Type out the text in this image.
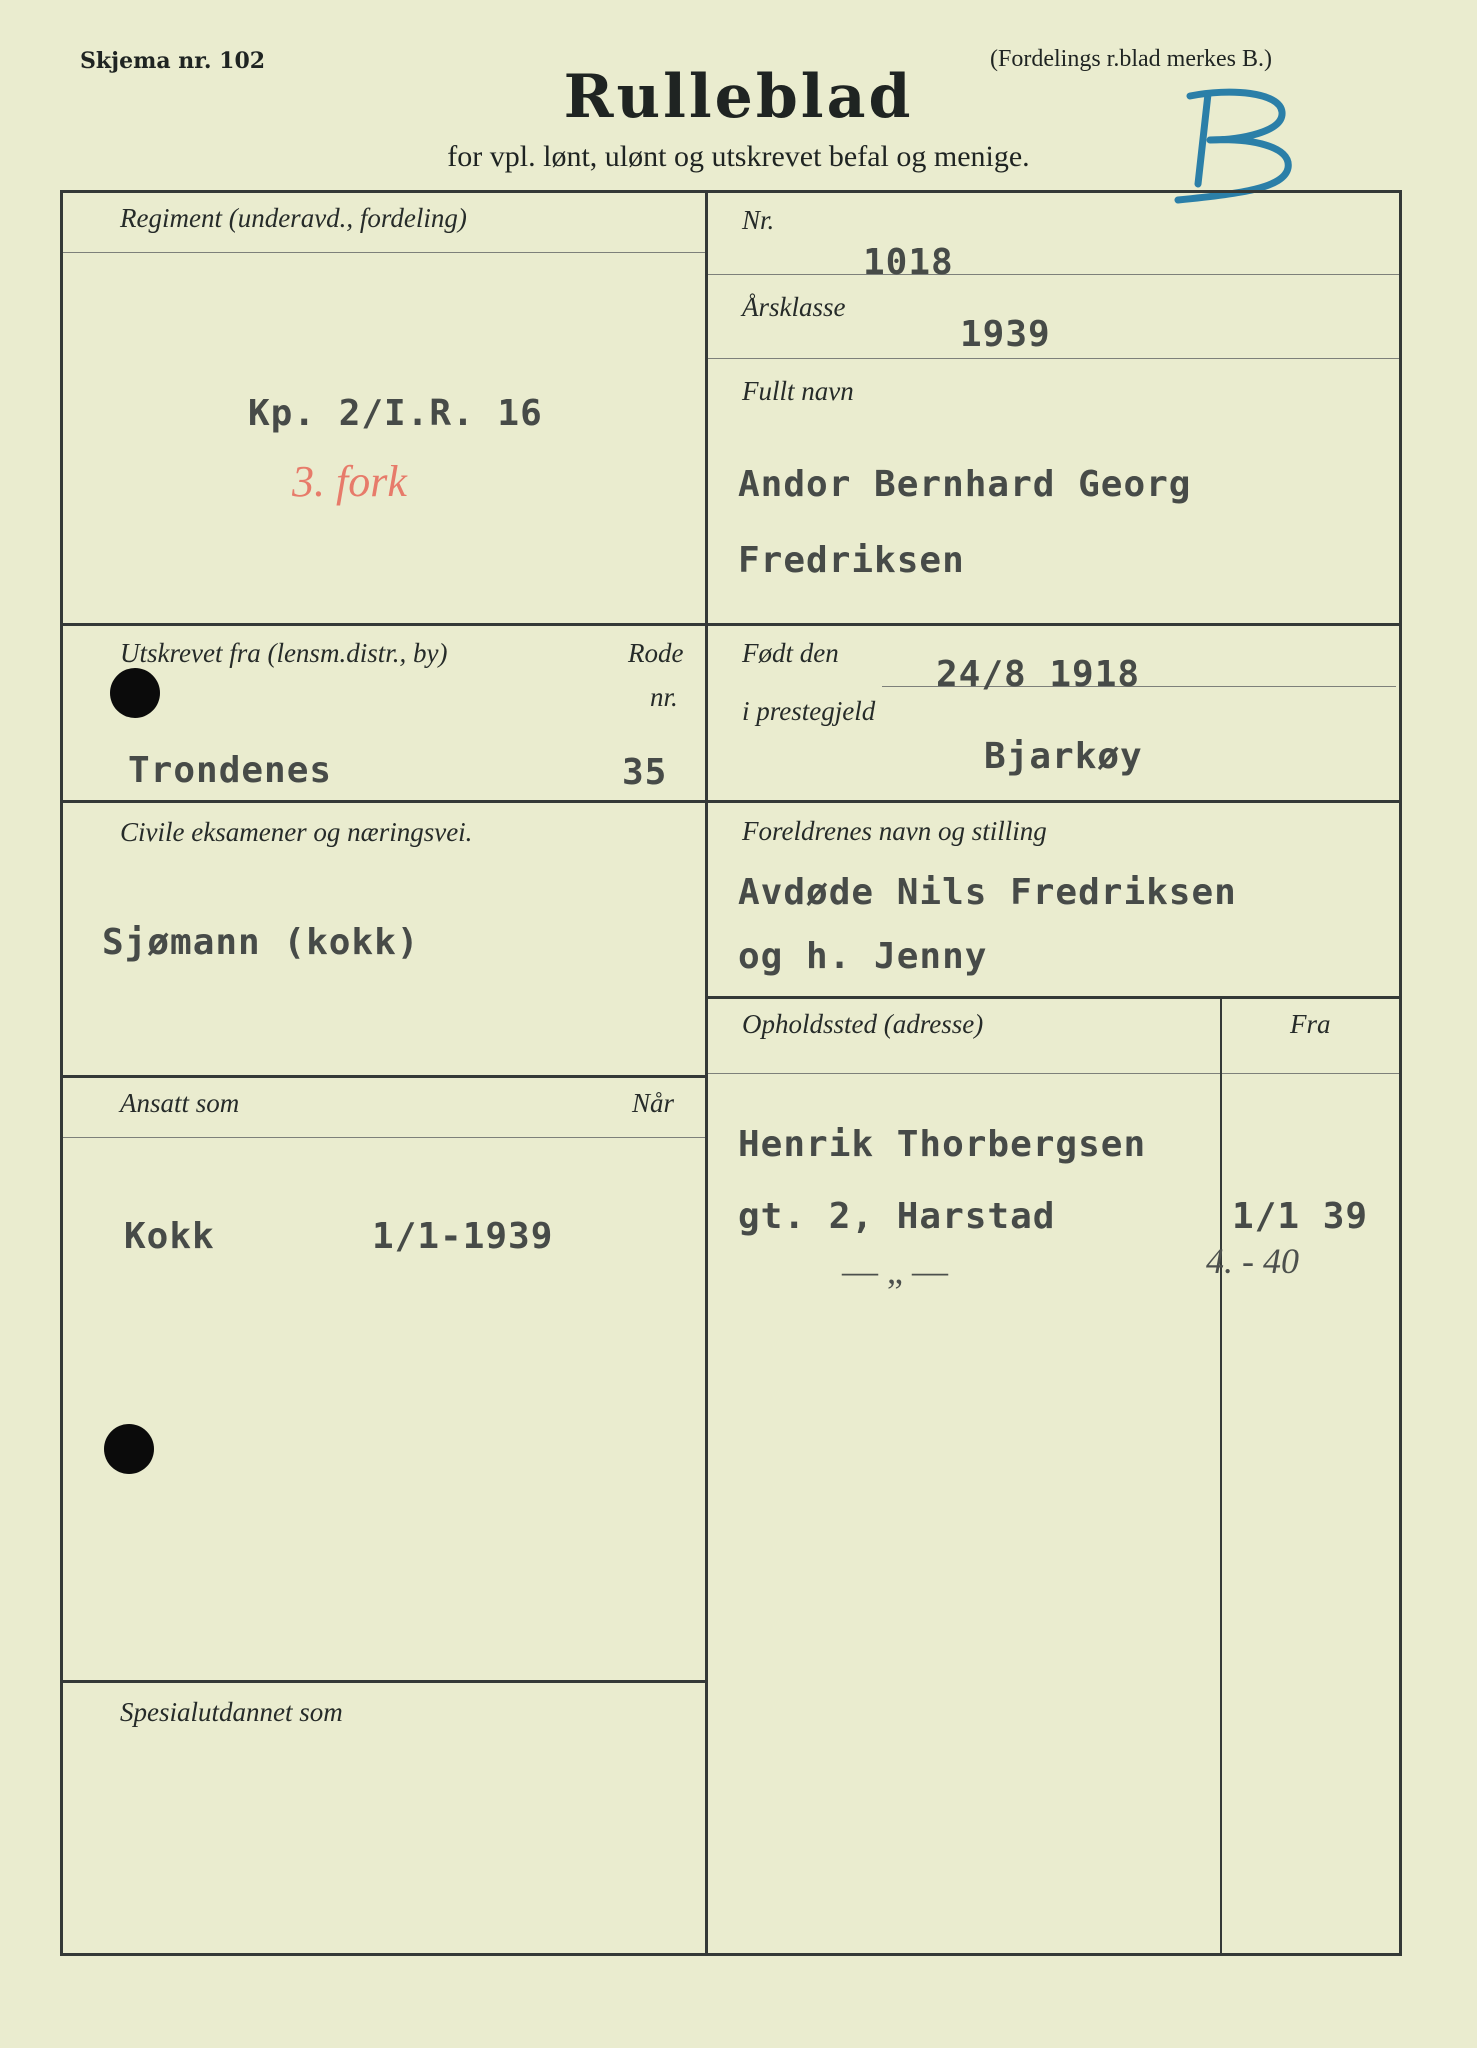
Skjema nr. 102	(Fordelings r.blad merkes B.)
Rulleblad
for vpl. lønt, ulønt og utskrevet befal og menige.
Regiment (underavd., fordeling)
Kp. 2/I.R. 16
3. fork
Utskrevet fra (lensm.distr., by)	Rode
nr.
Trondenes	35
Civile eksamener og næringsvei.
Sjømann (kokk)
Ansatt som	Når
Kokk	1/1-1939
Spesialutdannet som
Nr.
1018
Årsklasse
1939
Fullt navn
Andor Bernhard Georg
Fredriksen
Født den
24/8 1918
i prestegjeld
Bjarkøy
Foreldrenes navn og stilling
Avdøde Nils Fredriksen
og h. Jenny
Opholdssted (adresse)	Fra
Henrik Thorbergsen
gt. 2, Harstad	1/1 39
— „ —	4. - 40
